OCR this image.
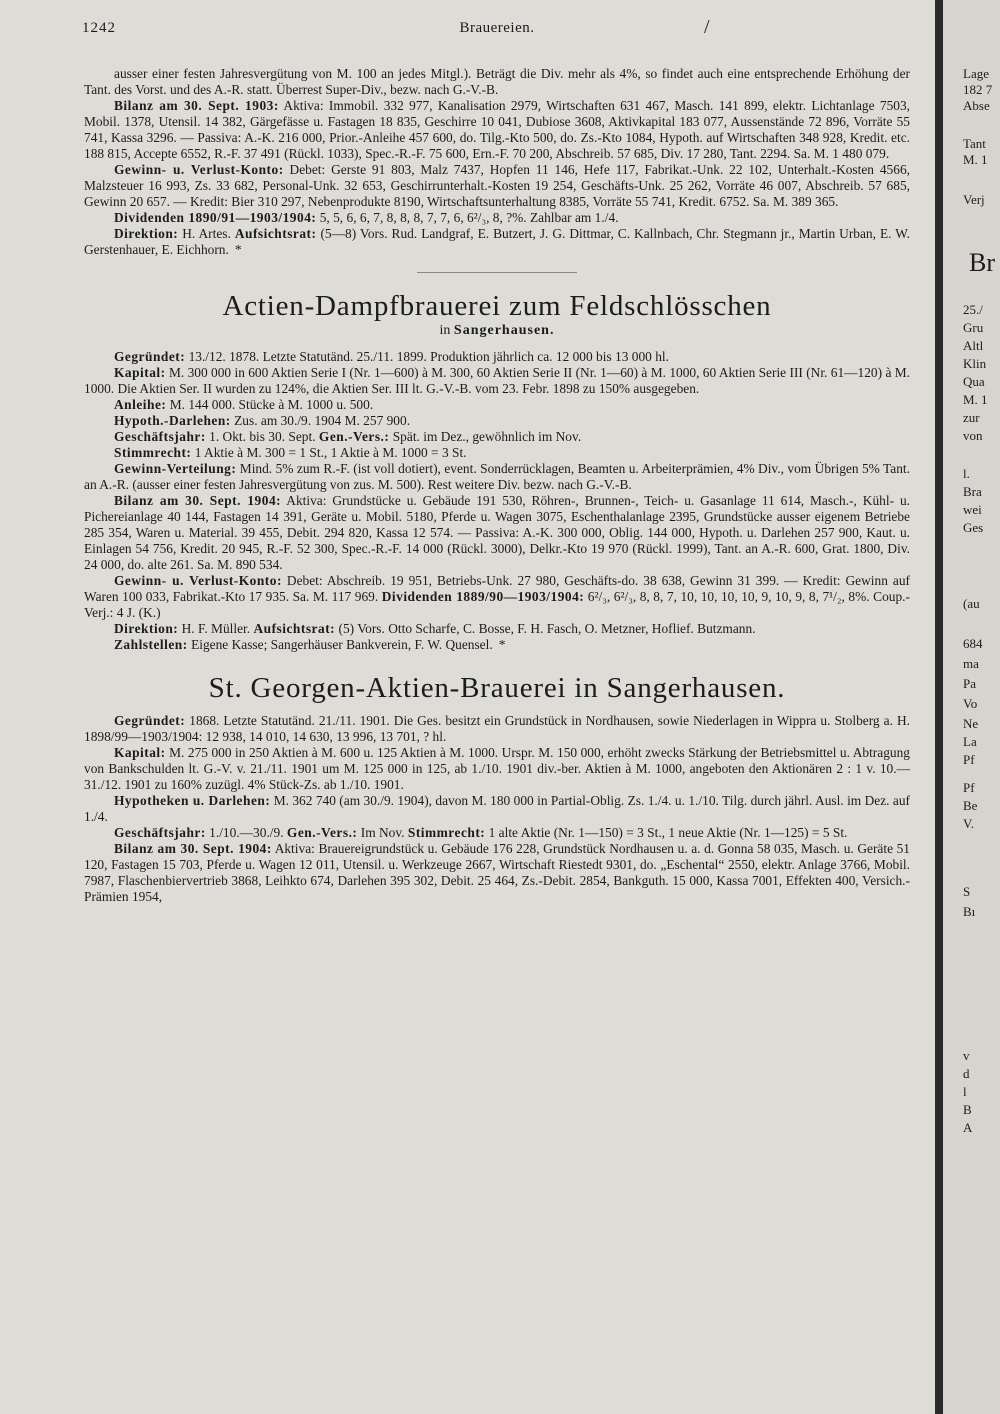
1242	Brauereien.	/

ausser einer festen Jahresvergütung von M. 100 an jedes Mitgl.). Beträgt die Div. mehr als 4%, so findet auch eine entsprechende Erhöhung der Tant. des Vorst. und des A.-R. statt. Überrest Super-Div., bezw. nach G.-V.-B.

Bilanz am 30. Sept. 1903: Aktiva: Immobil. 332 977, Kanalisation 2979, Wirtschaften 631 467, Masch. 141 899, elektr. Lichtanlage 7503, Mobil. 1378, Utensil. 14 382, Gärgefässe u. Fastagen 18 835, Geschirre 10 041, Dubiose 3608, Aktivkapital 183 077, Aussenstände 72 896, Vorräte 55 741, Kassa 3296. — Passiva: A.-K. 216 000, Prior.-Anleihe 457 600, do. Tilg.-Kto 500, do. Zs.-Kto 1084, Hypoth. auf Wirtschaften 348 928, Kredit. etc. 188 815, Accepte 6552, R.-F. 37 491 (Rückl. 1033), Spec.-R.-F. 75 600, Ern.-F. 70 200, Abschreib. 57 685, Div. 17 280, Tant. 2294. Sa. M. 1 480 079.

Gewinn- u. Verlust-Konto: Debet: Gerste 91 803, Malz 7437, Hopfen 11 146, Hefe 117, Fabrikat.-Unk. 22 102, Unterhalt.-Kosten 4566, Malzsteuer 16 993, Zs. 33 682, Personal-Unk. 32 653, Geschirrunterhalt.-Kosten 19 254, Geschäfts-Unk. 25 262, Vorräte 46 007, Abschreib. 57 685, Gewinn 20 657. — Kredit: Bier 310 297, Nebenprodukte 8190, Wirtschaftsunterhaltung 8385, Vorräte 55 741, Kredit. 6752. Sa. M. 389 365.

Dividenden 1890/91—1903/1904: 5, 5, 6, 6, 7, 8, 8, 8, 7, 7, 6, 6²/₃, 8, ?%. Zahlbar am 1./4.

Direktion: H. Artes. Aufsichtsrat: (5—8) Vors. Rud. Landgraf, E. Butzert, J. G. Dittmar, C. Kallnbach, Chr. Stegmann jr., Martin Urban, E. W. Gerstenhauer, E. Eichhorn. *

Actien-Dampfbrauerei zum Feldschlösschen
in Sangerhausen.

Gegründet: 13./12. 1878. Letzte Statutänd. 25./11. 1899. Produktion jährlich ca. 12 000 bis 13 000 hl.

Kapital: M. 300 000 in 600 Aktien Serie I (Nr. 1—600) à M. 300, 60 Aktien Serie II (Nr. 1—60) à M. 1000, 60 Aktien Serie III (Nr. 61—120) à M. 1000. Die Aktien Ser. II wurden zu 124%, die Aktien Ser. III lt. G.-V.-B. vom 23. Febr. 1898 zu 150% ausgegeben.

Anleihe: M. 144 000. Stücke à M. 1000 u. 500.

Hypoth.-Darlehen: Zus. am 30./9. 1904 M. 257 900.

Geschäftsjahr: 1. Okt. bis 30. Sept. Gen.-Vers.: Spät. im Dez., gewöhnlich im Nov.

Stimmrecht: 1 Aktie à M. 300 = 1 St., 1 Aktie à M. 1000 = 3 St.

Gewinn-Verteilung: Mind. 5% zum R.-F. (ist voll dotiert), event. Sonderrücklagen, Beamten u. Arbeiterprämien, 4% Div., vom Übrigen 5% Tant. an A.-R. (ausser einer festen Jahresvergütung von zus. M. 500). Rest weitere Div. bezw. nach G.-V.-B.

Bilanz am 30. Sept. 1904: Aktiva: Grundstücke u. Gebäude 191 530, Röhren-, Brunnen-, Teich- u. Gasanlage 11 614, Masch.-, Kühl- u. Pichereianlage 40 144, Fastagen 14 391, Geräte u. Mobil. 5180, Pferde u. Wagen 3075, Eschenthalanlage 2395, Grundstücke ausser eigenem Betriebe 285 354, Waren u. Material. 39 455, Debit. 294 820, Kassa 12 574. — Passiva: A.-K. 300 000, Oblig. 144 000, Hypoth. u. Darlehen 257 900, Kaut. u. Einlagen 54 756, Kredit. 20 945, R.-F. 52 300, Spec.-R.-F. 14 000 (Rückl. 3000), Delkr.-Kto 19 970 (Rückl. 1999), Tant. an A.-R. 600, Grat. 1800, Div. 24 000, do. alte 261. Sa. M. 890 534.

Gewinn- u. Verlust-Konto: Debet: Abschreib. 19 951, Betriebs-Unk. 27 980, Geschäfts-do. 38 638, Gewinn 31 399. — Kredit: Gewinn auf Waren 100 033, Fabrikat.-Kto 17 935. Sa. M. 117 969. Dividenden 1889/90—1903/1904: 6²/₃, 6²/₃, 8, 8, 7, 10, 10, 10, 10, 9, 10, 9, 8, 7¹/₂, 8%. Coup.-Verj.: 4 J. (K.)

Direktion: H. F. Müller. Aufsichtsrat: (5) Vors. Otto Scharfe, C. Bosse, F. H. Fasch, O. Metzner, Hoflief. Butzmann.

Zahlstellen: Eigene Kasse; Sangerhäuser Bankverein, F. W. Quensel. *

St. Georgen-Aktien-Brauerei in Sangerhausen.

Gegründet: 1868. Letzte Statutänd. 21./11. 1901. Die Ges. besitzt ein Grundstück in Nordhausen, sowie Niederlagen in Wippra u. Stolberg a. H. 1898/99—1903/1904: 12 938, 14 010, 14 630, 13 996, 13 701, ? hl.

Kapital: M. 275 000 in 250 Aktien à M. 600 u. 125 Aktien à M. 1000. Urspr. M. 150 000, erhöht zwecks Stärkung der Betriebsmittel u. Abtragung von Bankschulden lt. G.-V. v. 21./11. 1901 um M. 125 000 in 125, ab 1./10. 1901 div.-ber. Aktien à M. 1000, angeboten den Aktionären 2 : 1 v. 10.—31./12. 1901 zu 160% zuzügl. 4% Stück-Zs. ab 1./10. 1901.

Hypotheken u. Darlehen: M. 362 740 (am 30./9. 1904), davon M. 180 000 in Partial-Oblig. Zs. 1./4. u. 1./10. Tilg. durch jährl. Ausl. im Dez. auf 1./4.

Geschäftsjahr: 1./10.—30./9. Gen.-Vers.: Im Nov. Stimmrecht: 1 alte Aktie (Nr. 1—150) = 3 St., 1 neue Aktie (Nr. 1—125) = 5 St.

Bilanz am 30. Sept. 1904: Aktiva: Brauereigrundstück u. Gebäude 176 228, Grundstück Nordhausen u. a. d. Gonna 58 035, Masch. u. Geräte 51 120, Fastagen 15 703, Pferde u. Wagen 12 011, Utensil. u. Werkzeuge 2667, Wirtschaft Riestedt 9301, do. „Eschental“ 2550, elektr. Anlage 3766, Mobil. 7987, Flaschenbiervertrieb 3868, Leihkto 674, Darlehen 395 302, Debit. 25 464, Zs.-Debit. 2854, Bankguth. 15 000, Kassa 7001, Effekten 400, Versich.-Prämien 1954,

Lage
182 7
Abse
Tant
M. 1
Verj
Br
25./
Gru
Altl
Klin
Qua
M. 1
zur
von
l.
Bra
wei
Ges
(au
684
ma
Pa
Vo
Ne
La
Pf
Pf
Be
V.
S
Bı
v
d
l
B
A
